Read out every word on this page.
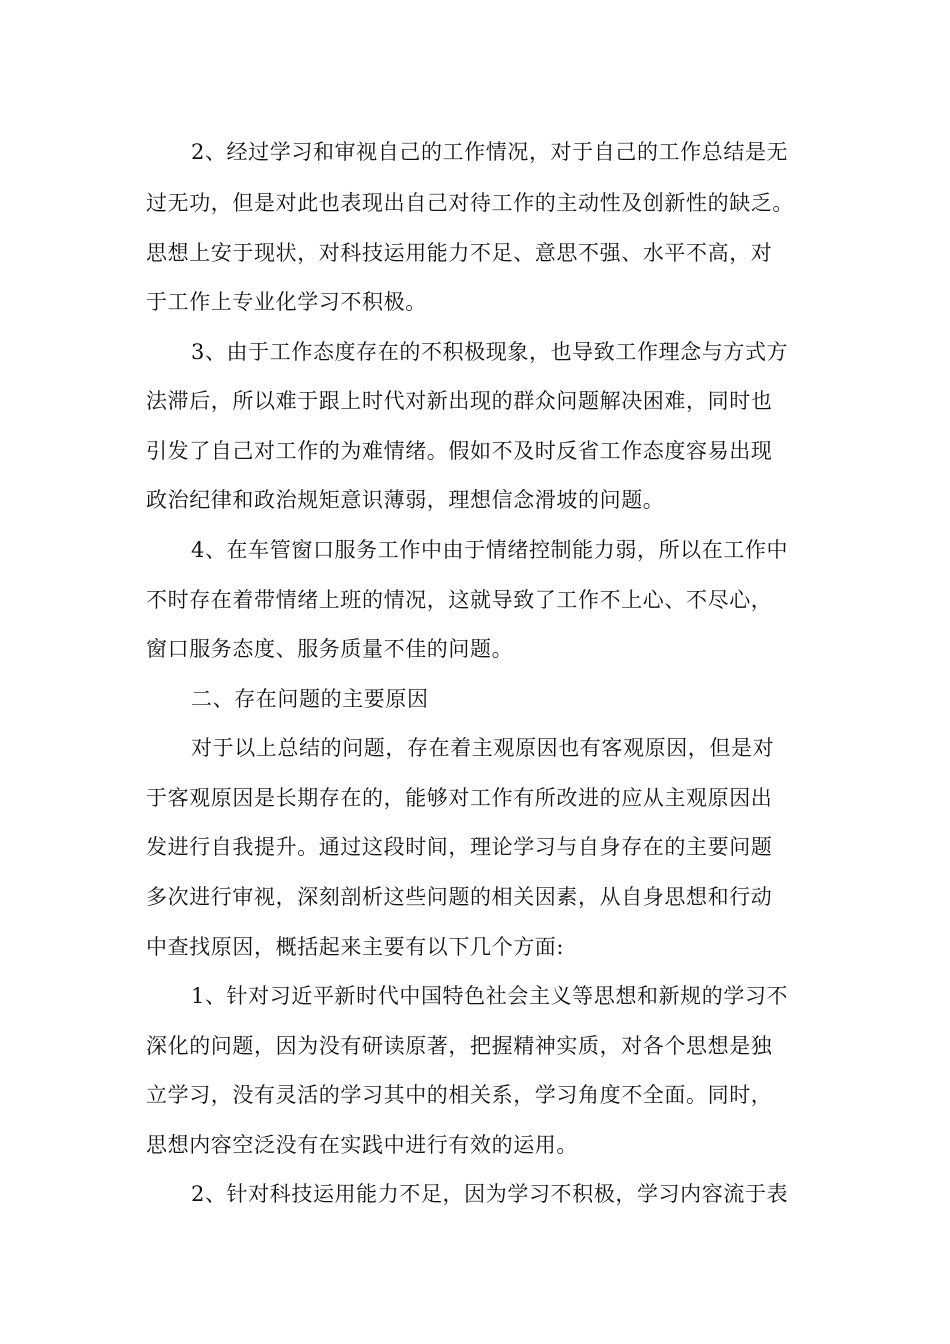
2、经过学习和审视自己的工作情况，对于自己的工作总结是无
过无功，但是对此也表现出自己对待工作的主动性及创新性的缺乏。
思想上安于现状，对科技运用能力不足、意思不强、水平不高，对
于工作上专业化学习不积极。
3、由于工作态度存在的不积极现象，也导致工作理念与方式方
法滞后，所以难于跟上时代对新出现的群众问题解决困难，同时也
引发了自己对工作的为难情绪。假如不及时反省工作态度容易出现
政治纪律和政治规矩意识薄弱，理想信念滑坡的问题。
4、在车管窗口服务工作中由于情绪控制能力弱，所以在工作中
不时存在着带情绪上班的情况，这就导致了工作不上心、不尽心，
窗口服务态度、服务质量不佳的问题。
二、存在问题的主要原因
对于以上总结的问题，存在着主观原因也有客观原因，但是对
于客观原因是长期存在的，能够对工作有所改进的应从主观原因出
发进行自我提升。通过这段时间，理论学习与自身存在的主要问题
多次进行审视，深刻剖析这些问题的相关因素，从自身思想和行动
中查找原因，概括起来主要有以下几个方面:
1、针对习近平新时代中国特色社会主义等思想和新规的学习不
深化的问题，因为没有研读原著，把握精神实质，对各个思想是独
立学习，没有灵活的学习其中的相关系，学习角度不全面。同时，
思想内容空泛没有在实践中进行有效的运用。
2、针对科技运用能力不足，因为学习不积极，学习内容流于表
